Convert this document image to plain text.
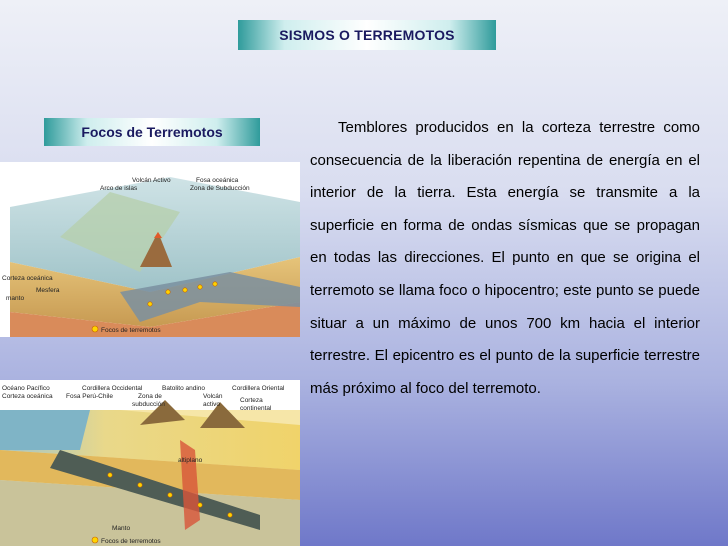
SISMOS O TERREMOTOS
Focos de Terremotos	Temblores producidos en la corteza terrestre como consecuencia de la liberación repentina de energía en el interior de la tierra. Esta energía se transmite a la superficie en forma de ondas sísmicas que se propagan en todas las direcciones. El punto en que se origina el terremoto se llama foco o hipocentro; este punto se puede situar a un máximo de unos 700 km hacia el interior terrestre. El epicentro es el punto de la superficie terrestre más próximo al foco del terremoto.

Volcán Activo	Fosa oceánica
Zona de Subducción
Arco de islas
Corteza oceánica
Mesfera
manto
Focos de terremotos
Océano Pacífico
Corteza oceánica
Cordillera Occidental
Fosa Perú-Chile	Zona de
subducción
Batolito andino
Volcán
activo
Cordillera Oriental
Corteza
continental
altiplano
Manto
Focos de terremotos
